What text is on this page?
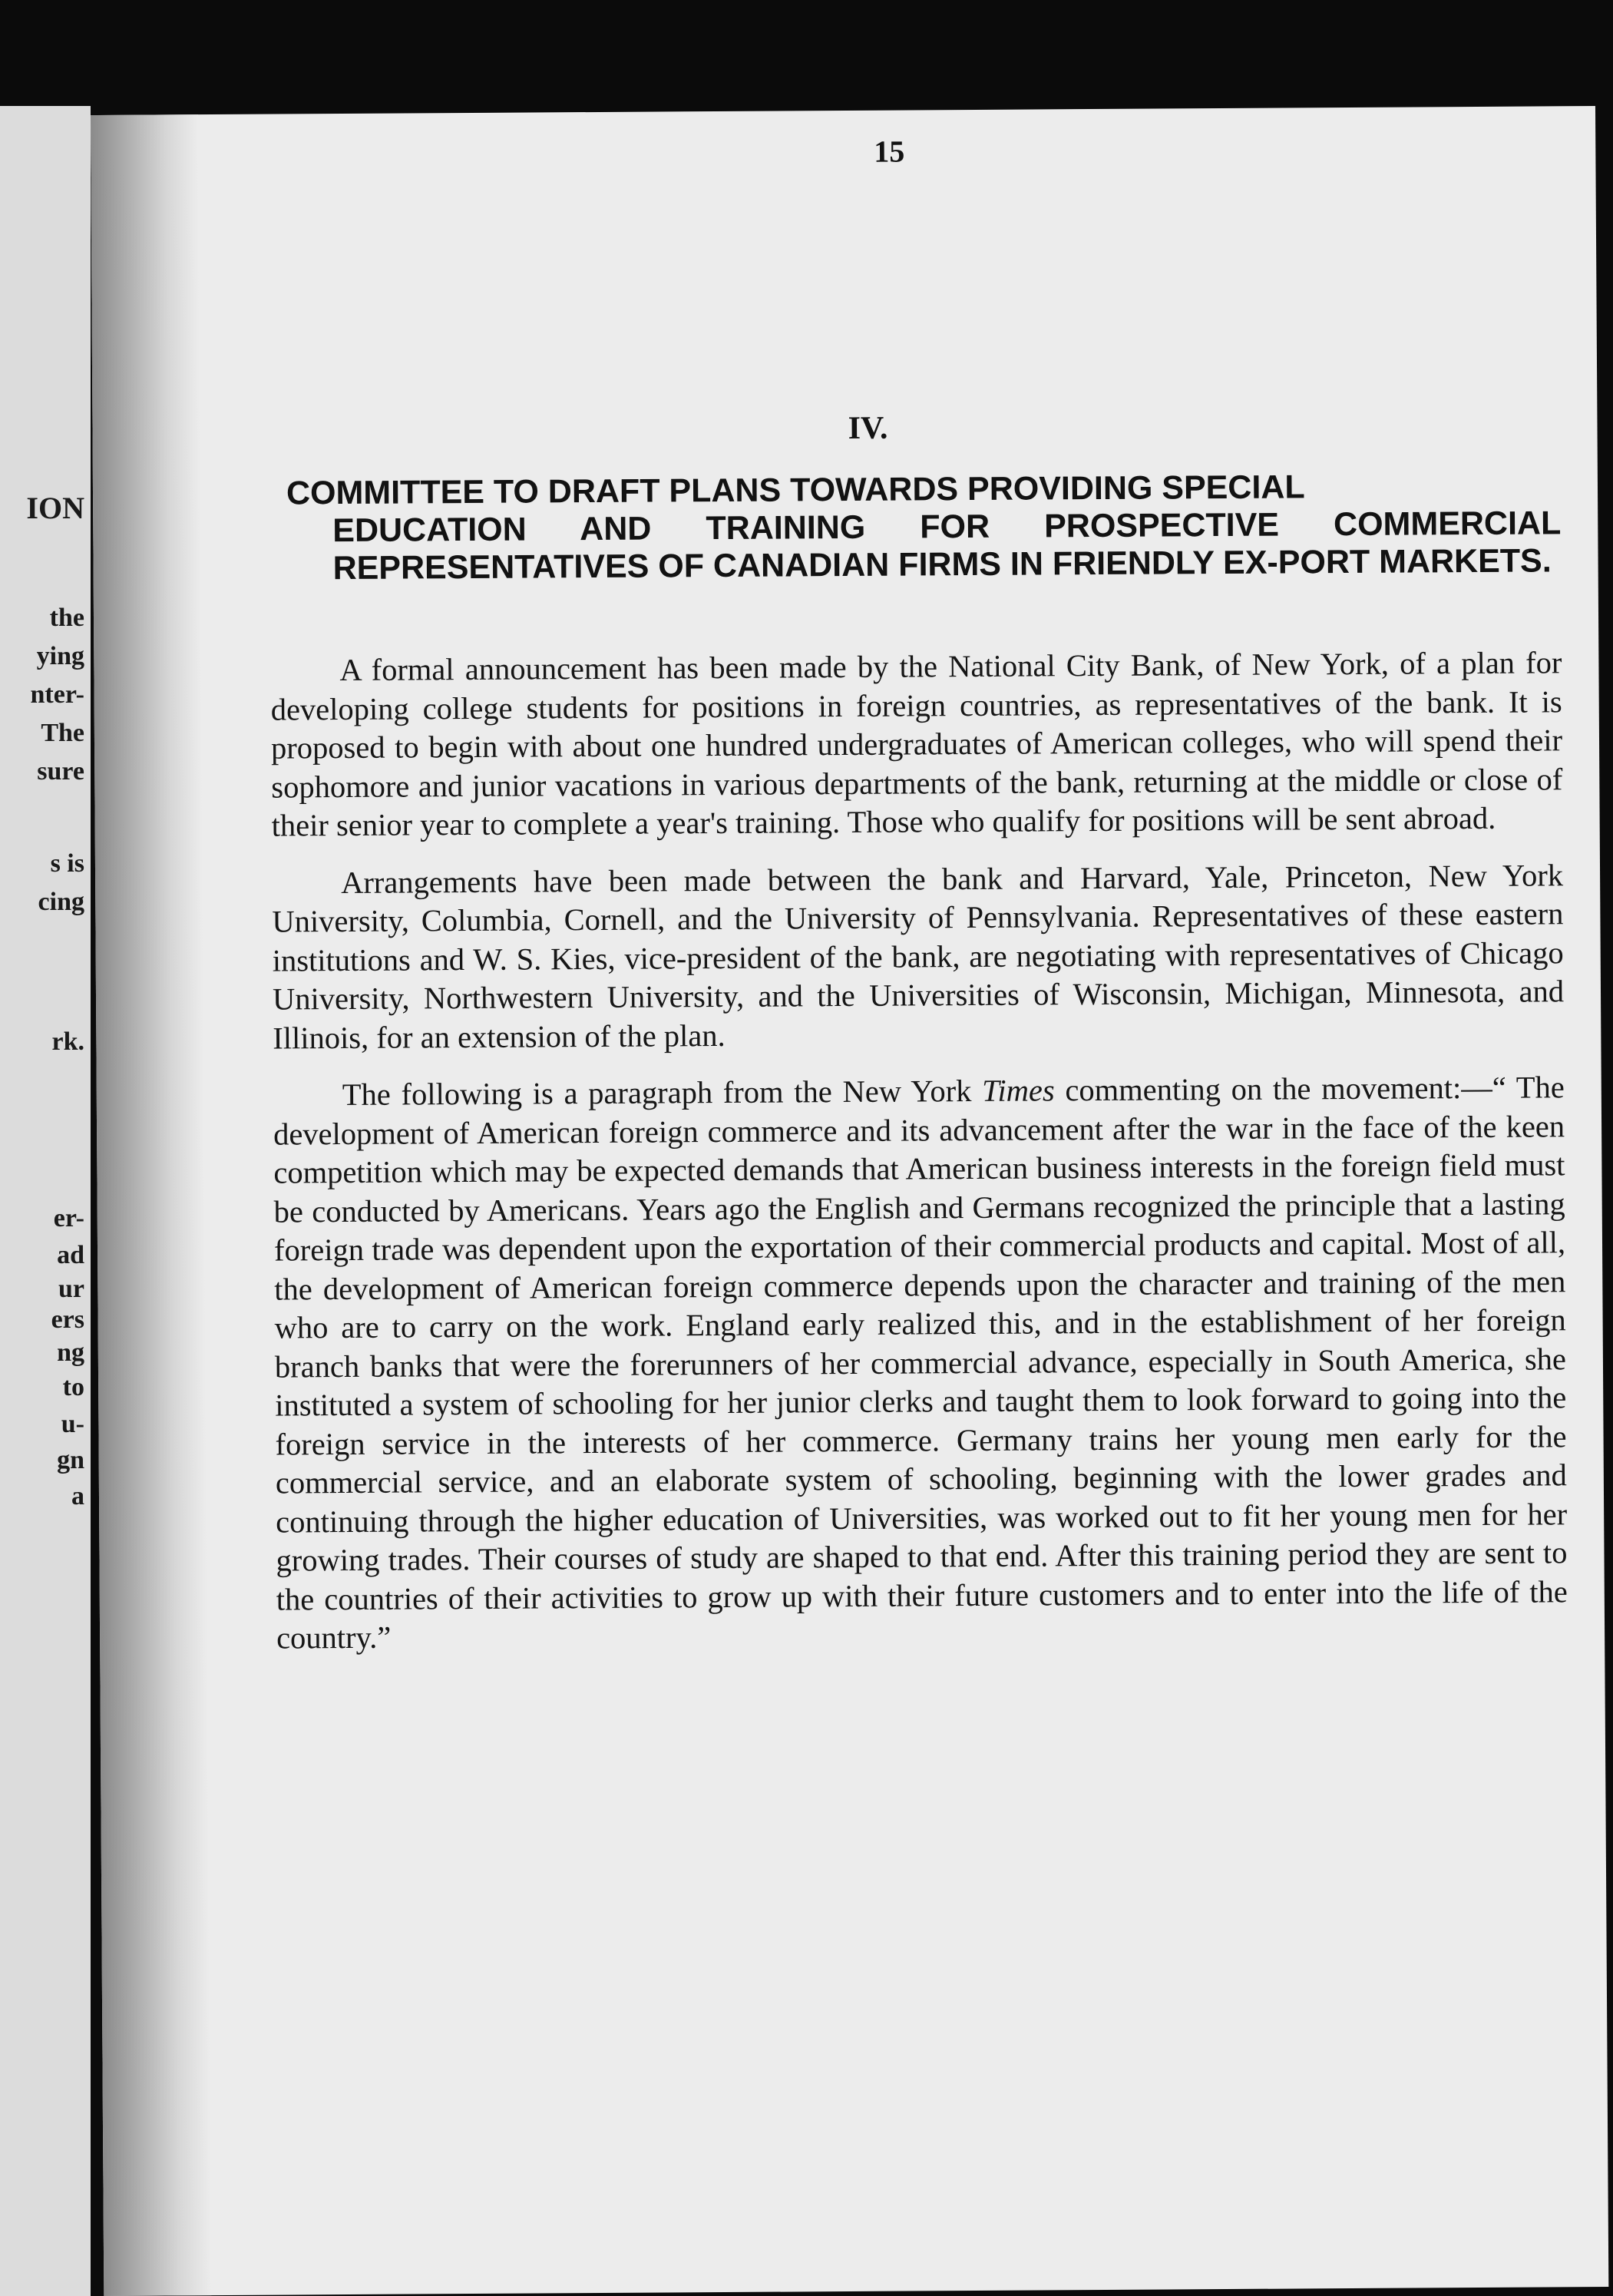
ION

the

ying

nter-

The

sure

s is

cing

rk.

er-

ad

ur

ers

ng

to

u-

gn

a

15

IV.

COMMITTEE TO DRAFT PLANS TOWARDS PROVIDING SPECIAL
EDUCATION AND TRAINING FOR PROSPECTIVE COMMERCIAL REPRESENTATIVES OF CANADIAN FIRMS IN FRIENDLY EX-PORT MARKETS.

A formal announcement has been made by the National City Bank, of New York, of a plan for developing college students for positions in foreign countries, as representatives of the bank. It is proposed to begin with about one hundred undergraduates of American colleges, who will spend their sophomore and junior vacations in various departments of the bank, returning at the middle or close of their senior year to complete a year's training. Those who qualify for positions will be sent abroad.

Arrangements have been made between the bank and Harvard, Yale, Princeton, New York University, Columbia, Cornell, and the University of Pennsylvania. Representatives of these eastern institutions and W. S. Kies, vice-president of the bank, are negotiating with representatives of Chicago University, Northwestern University, and the Universities of Wisconsin, Michigan, Minnesota, and Illinois, for an extension of the plan.

The following is a paragraph from the New York Times commenting on the movement:—“ The development of American foreign commerce and its advancement after the war in the face of the keen competition which may be expected demands that American business interests in the foreign field must be conducted by Americans. Years ago the English and Germans recognized the principle that a lasting foreign trade was dependent upon the exportation of their commercial products and capital. Most of all, the development of American foreign commerce depends upon the character and training of the men who are to carry on the work. England early realized this, and in the establishment of her foreign branch banks that were the forerunners of her commercial advance, especially in South America, she instituted a system of schooling for her junior clerks and taught them to look forward to going into the foreign service in the interests of her commerce. Germany trains her young men early for the commercial service, and an elaborate system of schooling, beginning with the lower grades and continuing through the higher education of Universities, was worked out to fit her young men for her growing trades. Their courses of study are shaped to that end. After this training period they are sent to the countries of their activities to grow up with their future customers and to enter into the life of the country.”
